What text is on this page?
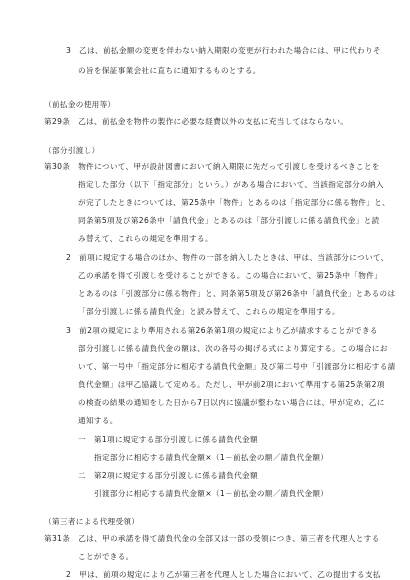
3　乙は、前払金額の変更を伴わない納入期限の変更が行われた場合には、甲に代わりそ
の旨を保証事業会社に直ちに通知するものとする。
（前払金の使用等）
第29条　乙は、前払金を物件の製作に必要な経費以外の支払に充当してはならない。
（部分引渡し）
第30条　物件について、甲が設計図書において納入期限に先だって引渡しを受けるべきことを
指定した部分（以下「指定部分」という。）がある場合において、当該指定部分の納入
が完了したときについては、第25条中「物件」とあるのは「指定部分に係る物件」と、
同条第5項及び第26条中「請負代金」とあるのは「部分引渡しに係る請負代金」と読
み替えて、これらの規定を準用する。
2　前項に規定する場合のほか、物件の一部を納入したときは、甲は、当該部分について、
乙の承諾を得て引渡しを受けることができる。この場合において、第25条中「物件」
とあるのは「引渡部分に係る物件」と、同条第5項及び第26条中「請負代金」とあるのは
「部分引渡しに係る請負代金」と読み替えて、これらの規定を準用する。
3　前2項の規定により準用される第26条第1項の規定により乙が請求することができる
部分引渡しに係る請負代金の額は、次の各号の掲げる式により算定する。この場合にお
いて、第一号中「指定部分に相応する請負代金額」及び第二号中「引渡部分に相応する請
負代金額」は甲乙協議して定める。ただし、甲が前2項において準用する第25条第2項
の検査の結果の通知をした日から7日以内に協議が整わない場合には、甲が定め、乙に
通知する。
一　第1項に規定する部分引渡しに係る請負代金額
指定部分に相応する請負代金額×（1－前払金の額／請負代金額）
二　第2項に規定する部分引渡しに係る請負代金額
引渡部分に相応する請負代金額×（1－前払金の額／請負代金額）
（第三者による代理受領）
第31条　乙は、甲の承諾を得て請負代金の全部又は一部の受領につき、第三者を代理人とする
ことができる。
2　甲は、前項の規定により乙が第三者を代理人とした場合において、乙の提出する支払
